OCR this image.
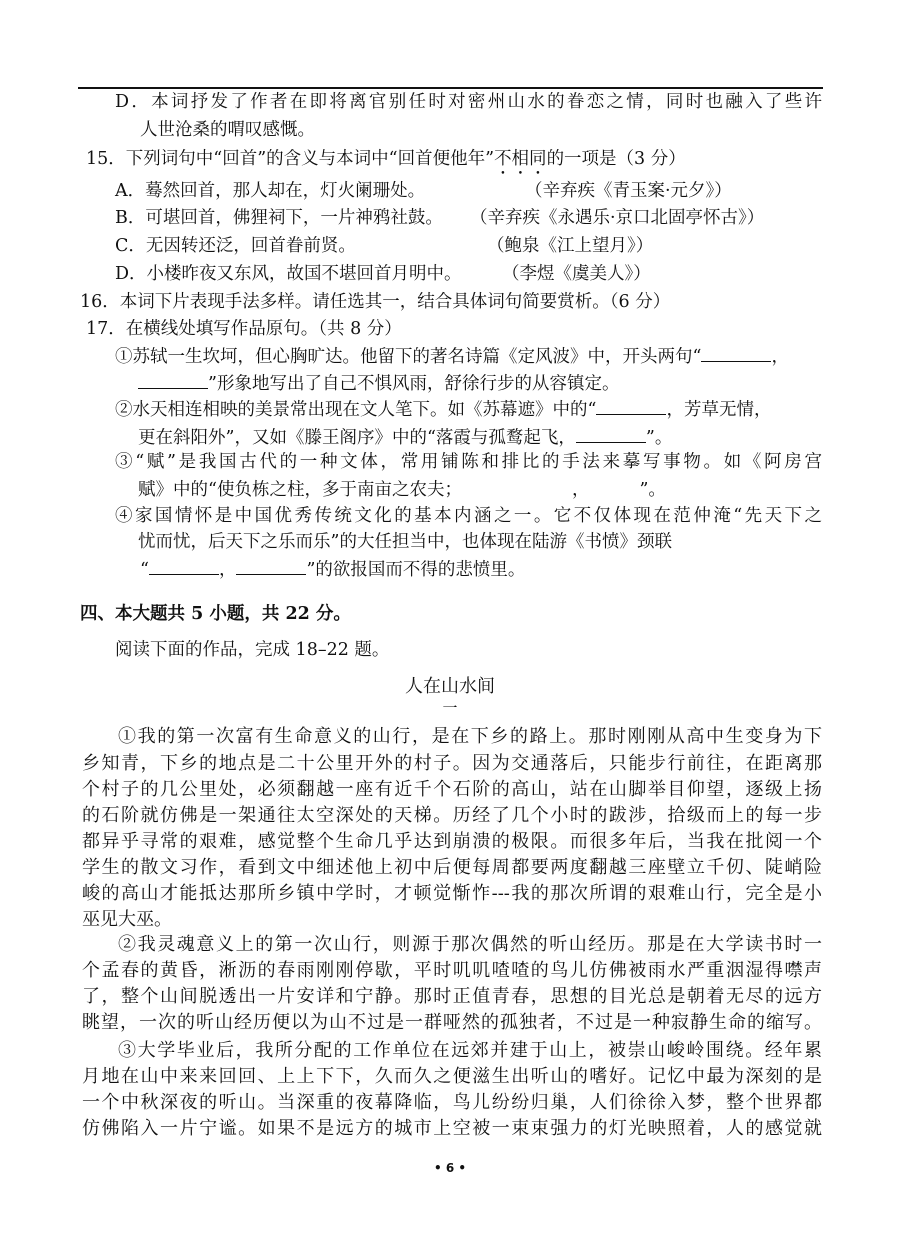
D．本词抒发了作者在即将离官别任时对密州山水的眷恋之情，同时也融入了些许
人世沧桑的喟叹感慨。
15．下列词句中“回首”的含义与本词中“回首便他年”不相同的一项是（3 分）
A．蓦然回首，那人却在，灯火阑珊处。	（辛弃疾《青玉案·元夕》）
B．可堪回首，佛狸祠下，一片神鸦社鼓。 （辛弃疾《永遇乐·京口北固亭怀古》）
C．无因转还泛，回首眷前贤。	（鲍泉《江上望月》）
D．小楼昨夜又东风，故国不堪回首月明中。 （李煜《虞美人》）
16．本词下片表现手法多样。请任选其一，结合具体词句简要赏析。（6 分）
17．在横线处填写作品原句。（共 8 分）
①苏轼一生坎坷，但心胸旷达。他留下的著名诗篇《定风波》中，开头两句“	，
”形象地写出了自己不惧风雨，舒徐行步的从容镇定。
②水天相连相映的美景常出现在文人笔下。如《苏幕遮》中的“	，芳草无情，
更在斜阳外”，又如《滕王阁序》中的“落霞与孤鹜起飞，	”。
③“赋”是我国古代的一种文体，常用铺陈和排比的手法来摹写事物。如《阿房宫
赋》中的“使负栋之柱，多于南亩之农夫；	，	”。
④家国情怀是中国优秀传统文化的基本内涵之一。它不仅体现在范仲淹“先天下之
忧而忧，后天下之乐而乐”的大任担当中，也体现在陆游《书愤》颈联
“	，	”的欲报国而不得的悲愤里。
四、本大题共 5 小题，共 22 分。
阅读下面的作品，完成 18–22 题。
人在山水间
一
①我的第一次富有生命意义的山行，是在下乡的路上。那时刚刚从高中生变身为下
乡知青，下乡的地点是二十公里开外的村子。因为交通落后，只能步行前往，在距离那
个村子的几公里处，必须翻越一座有近千个石阶的高山，站在山脚举目仰望，逐级上扬
的石阶就仿佛是一架通往太空深处的天梯。历经了几个小时的跋涉，拾级而上的每一步
都异乎寻常的艰难，感觉整个生命几乎达到崩溃的极限。而很多年后，当我在批阅一个
学生的散文习作，看到文中细述他上初中后便每周都要两度翻越三座壁立千仞、陡峭险
峻的高山才能抵达那所乡镇中学时，才顿觉惭怍---我的那次所谓的艰难山行，完全是小
巫见大巫。
②我灵魂意义上的第一次山行，则源于那次偶然的听山经历。那是在大学读书时一
个孟春的黄昏，淅沥的春雨刚刚停歇，平时叽叽喳喳的鸟儿仿佛被雨水严重洇湿得噤声
了，整个山间脱透出一片安详和宁静。那时正值青春，思想的目光总是朝着无尽的远方
眺望，一次的听山经历便以为山不过是一群哑然的孤独者，不过是一种寂静生命的缩写。
③大学毕业后，我所分配的工作单位在远郊并建于山上，被崇山峻岭围绕。经年累
月地在山中来来回回、上上下下，久而久之便滋生出听山的嗜好。记忆中最为深刻的是
一个中秋深夜的听山。当深重的夜幕降临，鸟儿纷纷归巢，人们徐徐入梦，整个世界都
仿佛陷入一片宁谧。如果不是远方的城市上空被一束束强力的灯光映照着，人的感觉就
• 6 •
